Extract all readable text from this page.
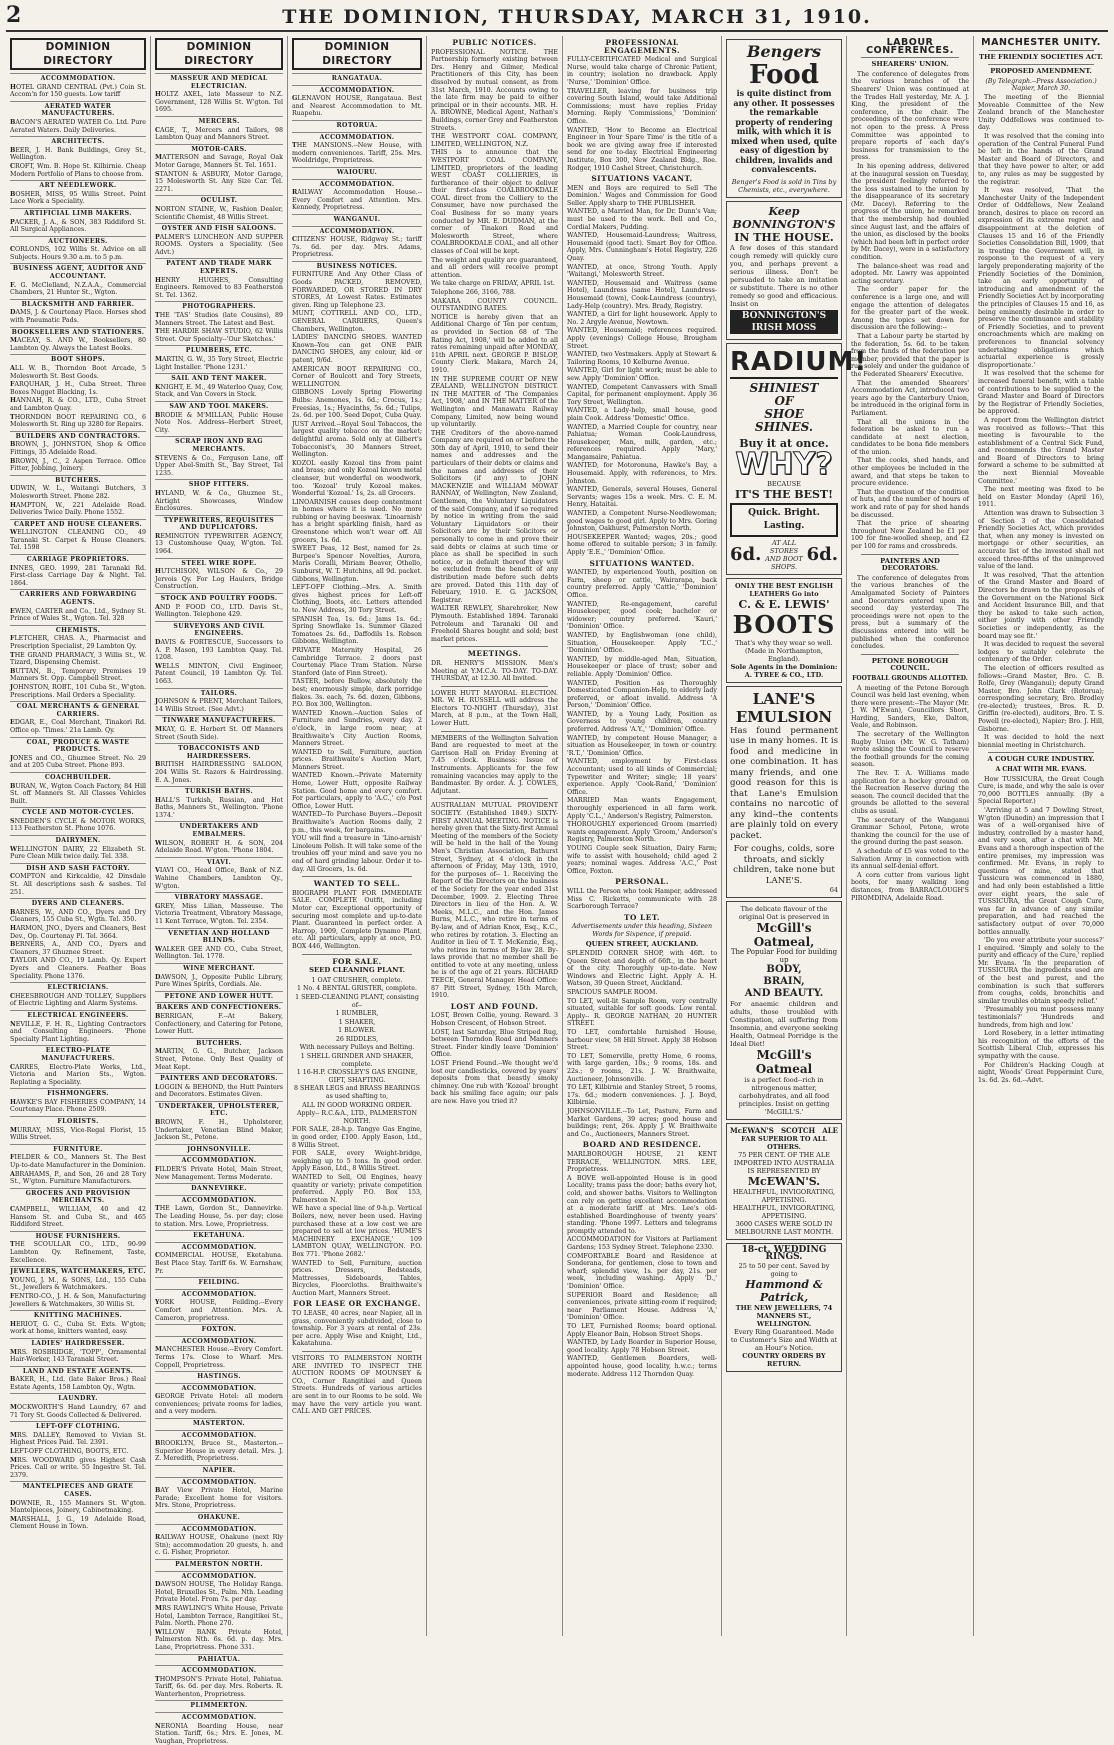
2	THE DOMINION, THURSDAY, MARCH 31, 1910.
DOMINION DIRECTORY
ACCOMMODATION.
HOTEL GRAND CENTRAL (Pvt.) Coin St. Accom'n for 150 guests. Low tariff
AERATED WATER MANUFACTURERS.
BACON'S AERATED WATER Co. Ltd. Pure Aerated Waters. Daily Deliveries.
ARCHITECTS.
BEER, J. H. Bank Buildings, Grey St., Wellington.
CROFT, Wm. B. Hope St. Kilbirnie. Cheap Modern Portfolio of Plans to choose from.
ART NEEDLEWORK.
BOSHER, MISS, 95 Willis Street. Point Lace Work a Speciality.
ARTIFICIAL LIMB MAKERS.
PACKER, J. A., & SON, 383 Riddiford St. All Surgical Appliances.
AUCTIONEERS.
CORLONDS, 102 Willis St. Advice on all Subjects. Hours 9.30 a.m. to 5 p.m.
BUSINESS AGENT, AUDITOR AND ACCOUNTANT.
F. G. McClelland, N.Z.A.A., Commercial Chambers, 21 Hunter St., Wgton.
BLACKSMITH AND FARRIER.
DAMS, J. & Courtenay Place. Horses shod with Pneumatic Pads.
BOOKSELLERS AND STATIONERS.
MACEAY, S. AND W., Booksellers, 80 Lambton Qy. Always the Latest Books.
BOOT SHOPS.
ALL W. B., Thorndon Boot Arcade, 5 Molesworth St. Best Goods.
FARQUHAR, J. H., Cuba Street. Three Boxes Nugget Blacking, 1s.
HANNAH, R. & CO., LTD., Cuba Street and Lambton Quay.
THORNDON BOOT REPAIRING CO., 6 Molesworth St. Ring up 3280 for Repairs.
BUILDERS AND CONTRACTORS.
BROWN, J., JOHNSTON, Shop & Office Fittings, 35 Adelaide Road.
BROWN, J., C., 2 Aspen Terrace. Office Fitter, Jobbing, Joinery.
BUTCHERS.
UDWIN, W. L., Waitangi Butchers, 3 Molesworth Street. Phone 282.
HAMPTON, W., 221 Adelaide Road. Deliveries Twice Daily. Phone 1552.
CARPET AND HOUSE CLEANERS.
WELLINGTON CLEANING CO., 49 Taranaki St. Carpet & House Cleaners. Tel. 1598
CARRIAGE PROPRIETORS.
INNES, GEO. 1999, 281 Taranaki Rd. First-class Carriage Day & Night. Tel. 1864.
CARRIERS AND FORWARDING AGENTS.
EWEN, CARTER and Co., Ltd., Sydney St. Prince of Wales St., Wgton. Tel. 328
CHEMISTS.
FLETCHER, CHAS. A., Pharmacist and Prescription Specialist, 29 Lambton Qy.
THE GRAND PHARMACY, 3 Willis St., W. Tizard, Dispensing Chemist.
BUTTAN, B., Temporary Premises 19 Manners St. Opp. Campbell Street.
JOHNSTON, ROBT., 101 Cuba St., W'gton. Prescriptions. Mail Orders a Speciality.
COAL MERCHANTS & GENERAL CARRIERS.
EDGAR, E., Coal Merchant, Tinakori Rd. Office op. 'Times.' 21a Lamb. Qy.
COAL, PRODUCE & WASTE PRODUCTS.
JONES and CO., Ghuznee Street. No. 29 and at 205 Cuba Street. Phone 893.
COACHBUILDER.
BURAN, W., Wgton Coach Factory, 84 Hill St. off Manners St. All Classes Vehicles Built.
CYCLE AND MOTOR-CYCLES.
SNEDDEN'S CYCLE & MOTOR WORKS, 113 Featherston St. Phone 1076.
DAIRYMEN.
WELLINGTON DAIRY, 22 Elizabeth St. Pure Clean Milk twice daily. Tel. 338.
DISH AND SASH FACTORY.
COMPTON and Kirkcaldie, 42 Dinsdale St. All descriptions sash & sashes. Tel 251.
DYERS AND CLEANERS.
BARNES, W., AND CO., Dyers and Dry Cleaners, 155 Cuba St., Wgtn. Tel. 350.
HARMON, JNO., Dyers and Cleaners, Best Dev., Op. Courtenay Pl. Tel. 3664.
BERNERS, A., AND CO., Dyers and Cleaners, 37 Ghuznee Street.
TAYLOR AND CO., 19 Lamb. Qy. Expert Dyers and Cleaners. Feather Boas Speciality. Phone 1376.
ELECTRICIANS.
CHEESBROUGH AND TOLLEY, Suppliers of Electric Lighting and Alarm Systems.
ELECTRICAL ENGINEERS.
NEVILLE, F. H. R., Lighting Contractors and Consulting Engineers. 'Phone Specialty Plant Lighting.
ELECTRO-PLATE MANUFACTURERS.
CARRES, Electro-Plate Works, Ltd., Victoria and Marion Sts., Wgton. Replating a Speciality.
FISHMONGERS.
HAWKE'S BAY FISHERIES COMPANY, 14 Courtenay Place. Phone 2509.
FLORISTS.
MURRAY, MISS, Vice-Regal Florist, 15 Willis Street.
FURNITURE.
FIELDER & CO., Manners St. The Best Up-to-date Manufacturer in the Dominion.
ABRAHAMS, P., and Son, 26 and 28 Tory St., W'gton. Furniture Manufacturers.
GROCERS AND PROVISION MERCHANTS.
CAMPBELL, WILLIAM, 40 and 42 Hansom St. and Cuba St., and 465 Riddiford Street.
HOUSE FURNISHERS.
THE SCOULLAR CO., LTD., 90-99 Lambton Qy. Refinement, Taste, Excellence.
JEWELLERS, WATCHMAKERS, ETC.
YOUNG, J. M., & SONS, Ltd., 155 Cuba St., Jewellers & Watchmakers.
FENTRO-CO., J. H. & Son, Manufacturing Jewellers & Watchmakers, 30 Willis St.
KNITTING MACHINES.
HERIOT, G. C., Cuba St. Exts. W'gton; work at home, knitters wanted, easy.
LADIES' HAIRDRESSER.
MRS. ROSBRIDGE, 'TOPP', Ornamental Hair-Worker, 143 Taranaki Street.
LAND AND ESTATE AGENTS.
BAKER, H., Ltd. (late Baker Bros.) Real Estate Agents, 158 Lambton Qy., Wgtn.
LAUNDRY.
MOCKWORTH'S Hand Laundry, 67 and 71 Tory St. Goods Collected & Delivered.
LEFT-OFF CLOTHING.
MRS. DALLEY, Removed to Vivian St. Highest Prices Paid. Tel. 2391.
LEFT-OFF CLOTHING, BOOTS, ETC.
MRS. WOODWARD gives Highest Cash Prices. Call or write. 55 Ingestre St. Tel. 2379.
MANTELPIECES AND GRATE CASES.
DOWNIE, R., 155 Manners St. W'gton. Mantelpieces, Joinery, Cabinetmaking.
MARSHALL, J. G., 19 Adelaide Road, Clement House in Town.
DOMINION DIRECTORY
MASSEUR AND MEDICAL ELECTRICIAN.
HOLTZ AXEL, late Masseur to N.Z. Government, 128 Willis St. W'gton. Tel 1695.
MERCERS.
CAGE, T., Mercers and Tailors, 98 Lambton Quay and Manners Street.
MOTOR-CARS.
MATTERSON and Savage, Royal Oak Motor Garage, Manners St. Tel. 1651.
STANTON & ASBURY, Motor Garage, 15 Molesworth St. Any Size Car. Tel. 2271.
OCULIST.
NORTON STAINE, W., Fashion Dealer, Scientific Chemist, 48 Willis Street.
OYSTER AND FISH SALOONS.
PALMER'S LUNCHEON AND SUPPER ROOMS. Oysters a Speciality. (See Advt.)
PATENT AND TRADE MARK EXPERTS.
HENRY HUGHES, Consulting Engineers. Removed to 83 Featherston St. Tel. 1362.
PHOTOGRAPHERS.
THE 'TAS' Studios (late Cousins), 89 Manners Street. The Latest and Best.
THE HARDIE SHAW STUDIO, 62 Willis Street. Our Specialty--'Our Sketches.'
PLUMBERS, ETC.
MARTIN, G. W., 35 Tory Street, Electric Light Installer. 'Phone 1231.'
SAIL AND TENT MAKER.
KNIGHT, E. M., 49 Waterloo Quay, Cow, Stack, and Van Covers in Stock.
SAW AND TOOL MAKERS.
BRODIE & M'MILLAN, Public House Note Nos. Address--Herbert Street, City.
SCRAP IRON AND RAG MERCHANTS.
STEVENS & Co., Ferguson Lane, off Upper Abel-Smith St., Bay Street, Tel 1235.
SHOP FITTERS.
HYLAND, W. & Co., Ghuznee St., Airtight Showcases, Window Enclosures.
TYPEWRITERS, REQUISITES AND DUPLICATORS.
REMINGTON TYPEWRITER AGENCY, 13 Customhouse Quay, W'gton. Tel. 1964.
STEEL WIRE ROPE.
HUTCHISON, WILSON & Co., 29 Jervois Qy. For Log Haulers, Bridge Construction.
STOCK AND POULTRY FOODS.
AND P. FOOD CO., LTD. Davis St., Wellington. Telephone 429.
SURVEYORS AND CIVIL ENGINEERS.
DAVIS & FORTESCUE, Successors to A. P. Mason, 193 Lambton Quay. Tel. 1208.
WELLS MINTON, Civil Engineer, Patent Council, 19 Lambton Qy. Tel. 1663.
TAILORS.
JOHNSON & PRENT, Merchant Tailors, 14 Willis Street. (See Advt.)
TINWARE MANUFACTURERS.
MKAY, G. E. Herbert St. Off Manners Street (South Side).
TOBACCONISTS AND HAIRDRESSERS.
BRITISH HAIRDRESSING SALOON, 204 Willis St. Razors & Hairdressing. E. A. Jones.
TURKISH BATHS.
HALL'S Turkish, Russian, and Hot Baths, Manners St., Wellington. 'Phone 1374.'
UNDERTAKERS AND EMBALMERS.
WILSON, ROBERT H. & SON, 204 Adelaide Road. W'gton. 'Phone 1804.
VIAVI.
VIAVI CO., Head Office, Bank of N.Z. Wahine Chambers, Lambton Qy., W'gton.
VIBRATORY MASSAGE.
GREY, Miss Lilian, Masseuse. The Victoria Treatment, Vibratory Massage, 11 Kent Terrace, W'gton. Tel. 2354.
VENETIAN AND HOLLAND BLINDS.
WALKER GEE AND CO., Cuba Street, Wellington. Tel. 1778.
WINE MERCHANT.
DAWSON, J., Opposite Public Library, Pure Wines Spirits, Cordials. Ale.
PETONE AND LOWER HUTT.
BAKERS AND CONFECTIONERS.
BERRIGAN, F.--At Bakery, Confectionery, and Catering for Petone, Lower Hutt.
BUTCHERS.
MARTIN, G. G., Butcher, Jackson Street, Petone. Only Best Quality of Meat Kept.
PAINTERS AND DECORATORS.
LOGGIN & BEHOND, the Hutt Painters and Decorators. Estimates Given.
UNDERTAKER, UPHOLSTERER, ETC.
BROWN, F. H., Upholsterer, Undertaker, Venetian Blind Maker, Jackson St., Petone.
JOHNSONVILLE.
ACCOMMODATION.
FILDER'S Private Hotel, Main Street, New Management. Terms Moderate.
DANNEVIRKE.
ACCOMMODATION.
THE Lawn, Gordon St., Dannevirke. The Leading House, 5s. per day; close to station. Mrs. Lowe, Proprietress.
EKETAHUNA.
ACCOMMODATION.
COMMERCIAL HOUSE, Eketahuna. Best Place Stay. Tariff 6s. W. Earnshaw, Pr.
FEILDING.
ACCOMMODATION.
YORK HOUSE, Feilding.--Every Comfort and Attention. Mrs. A. Cameron, proprietress.
FOXTON.
ACCOMMODATION.
MANCHESTER House.--Every Comfort. Terms 17s. Close to Wharf. Mrs. Coppell, Proprietress.
HASTINGS.
ACCOMMODATION.
GEORGE Private Hotel: all modern conveniences; private rooms for ladies, and a very modern.
MASTERTON.
ACCOMMODATION.
BROOKLYN, Bruce St., Masterton.--Superior House in every detail. Mrs. J. Z. Meredith, Proprietress.
NAPIER.
ACCOMMODATION.
BAY View Private Hotel, Marine Parade; Excellent home for visitors. Mrs. Stone, Proprietress.
OHAKUNE.
ACCOMMODATION.
RAILWAY HOUSE, Ohakune (next Rly Stn); accommodation 20 guests, h. and c. G. Fisher, Proprietor.
PALMERSTON NORTH.
ACCOMMODATION.
DAWSON HOUSE, The Holiday Ranga. Hotel, Bruxelles St., Palm. Nth. Leading Private Hotel. From 7s. per day.
MRS RAWLING'S White House, Private Hotel, Lambton Terrace, Rangitikei St., Palm. North. Phone 270.
WILLOW BANK Private Hotel, Palmerston Nth. 6s. 6d. p. day. Mrs. Lane, Proprietress. Phone 331.
PAHIATUA.
ACCOMMODATION.
THOMPSON'S Private Hotel, Pahiatua. Tariff, 6s. 6d. per day. Mrs. Roberts. R. Wanterhenton, Proprietress.
PLIMMERTON.
ACCOMMODATION.
NERONIA Boarding House, near Station. Tariff, 6s.; Mrs. E. Jones, M. Vaughan, Proprietress.
DOMINION DIRECTORY
RANGATAUA.
ACCOMMODATION.
GLENAVON HOUSE, Rangataua. Best and Nearest Accommodation to Mt. Ruapehu.
ROTORUA.
ACCOMMODATION.
THE MANSIONS.--New House, with modern conveniences. Tariff, 25s. Mrs. Wooldridge, Proprietress.
WAIOURU.
ACCOMMODATION.
RAILWAY Accommodation House.--Every Comfort and Attention. Mrs. Kennedy, Proprietress.
WANGANUI.
ACCOMMODATION.
CITIZENS' HOUSE, Ridgway St.; tariff 7s. 6d. per day. Mrs. Adams, Proprietress.
BUSINESS NOTICES.
FURNITURE And Any Other Class of Goods PACKED, REMOVED, FORWARDED, OR STORED IN DRY STORES, At Lowest Rates. Estimates given. Ring up Telephone 23.
MUNT, COTTRELL AND CO., LTD., GENERAL CARRIERS, Queen's Chambers, Wellington.
LADIES' DANCING SHOES. WANTED Known--You can get ONE PAIR DANCING SHOES, any colour, kid or patent, 9/6d.
AMERICAN BOOT REPAIRING CO., Corner of Boulcott and Tory Streets, WELLINGTON.
GIBBONS Lovely Spring Flowering Bulbs: Anemones, 1s. 6d.; Crocus, 1s.; Freesias, 1s.; Hyacinths, 5s. 6d.; Tulips, 2s. 6d. per 100. Seed Depot, Cuba Quay.
JUST Arrived.--Royal Soul Tobaccos, the largest quality tobacco on the market; delightful aroma. Sold only at Gilbert's Tobacconist's, 30 Manners Street, Wellington.
KOZOL easily Kozoal tins from paint and brass; and only Kozoal known metal cleanser, but wonderful on woodwork, too. 'Kozoal' truly Kozoal makes. Wonderful 'Kozoal.' 1s, 2s. all Grocers.
LINOARNISH causes deep contentment in homes where it is used. No more rubbing or having beeswax. 'Linoarnish' has a bright sparkling finish, hard as Greenstone which won't wear off. All grocers, 1s. 6d.
SWEET Peas, 12 Best, named for 2s. Burpee's Spencer Novelties, Aurora, Maris Coralli, Miriam Beaver, Othello, Sunburst, W. T. Hutchins, all 9d. packet. Gibbons, Wellington.
LEFT-OFF Clothing.--Mrs. A. Smith gives highest prices for Left-off Clothing, Boots, etc. Letters attended to. New Address, 30 Tory Street.
SPANISH Tea, 1s. 6d.; Jams 1s. 6d.; Spring Snowflake 1s. Summer Glazed Tomatoes 2s. 6d., Daffodils 1s. Robson Gibbons, Wellington.
PRIVATE Maternity Hospital, 26 Cambridge Terrace. 2 doors past Courtenay Place Tram Station. Nurse Stanford (late of Finn Street).
TASTER, before Bullow, absolutely the best; enormously simple, dark porridge flakes. 3s. each, 7s. 6d. dozen, Gibbons, P.O. Box 300, Wellington.
WANTED Known.--Auction Sales of Furniture and Sundries, every day. 2 o'clock, in large room near, at Braithwaite's City Auction Rooms, Manners Street.
WANTED to Sell, Furniture, auction prices. Braithwaite's Auction Mart, Manners Street.
WANTED Known.--Private Maternity Home, Lower Hutt, opposite Railway Station. Good home and every comfort. For particulars, apply to 'A.C.,' c/o Post Office, Lower Hutt.
WANTED--To Purchase Buyers.--Deposit Braithwaite's Auction Rooms daily, 2 p.m., this week, for bargains.
YOU will find a treasure in 'Lino-arnish' Linoleum Polish. It will take some of the troubles off your mind and save you no end of hard grinding labour. Order it to-day. All Grocers, 1s. 6d.
WANTED TO SELL.
BIOGRAPH PLANT FOR IMMEDIATE SALE. COMPLETE Outfit, including Motor car, Exceptional opportunity of securing most complete and up-to-date Plant. Guaranteed in perfect order. A Harrop, 1909, Complete Dynamo Plant, etc. All particulars, apply at once, P.O. BOX 446, Wellington.
FOR SALE.
SEED CLEANING PLANT.
1 OAT CRUSHER, complete.
1 No. 4 BENTAL GRISTER, complete.
1 SEED-CLEANING PLANT, consisting of--
1 RUMBLER,
1 SHAKER,
1 BLOWER.
26 RIDDLES,
With necessary Pulleys and Belting.
1 SHELL GRINDER AND SHAKER, complete.
1 16-H.P. CROSSLEY'S GAS ENGINE, GIFT, SHAFTING.
8 SHEAR LEGS and BRASS BEARINGS as used shafting to,
ALL IN GOOD WORKING ORDER.
Apply-- R.C.&A., LTD., PALMERSTON NORTH.
FOR SALE, 28-h.p. Tangye Gas Engine, in good order, £100. Apply Eason, Ltd., 8 Willis Street.
FOR SALE, every Weight-bridge, weighing up to 5 tons. In good order. Apply Eason, Ltd., 8 Willis Street.
WANTED to Sell, Oil Engines, heavy quantity or variety; private competition preferred. Apply P.O. Box 153, Palmerston N.
WE have a special line of 9-h.p. Vertical Boilers, new, never been used. Having purchased these at a low cost we are prepared to sell at low prices. 'HUME'S MACHINERY EXCHANGE,' 109 LAMBTON QUAY, WELLINGTON. P.O. Box 771. 'Phone 2682.'
WANTED to Sell, Furniture, auction prices. Dressers, Bedsteads, Mattresses, Sideboards, Tables, Bicycles, Floorcloths. Braithwaite's Auction Mart, Manners Street.
FOR LEASE OR EXCHANGE.
TO LEASE, 40 acres, near Napier, all in grass, conveniently subdivided, close to township. For 3 years at rental of 23s. per acre. Apply Wise and Knight, Ltd., Kakatahuna.
VISITORS TO PALMERSTON NORTH ARE INVITED TO INSPECT THE AUCTION ROOMS OF MOUNSEY & CO., Corner Rangitikei and Queen Streets. Hundreds of various articles are sent in to our Rooms to be sold. We may have the very article you want. CALL AND GET PRICES.
PUBLIC NOTICES.
PROFESSIONAL NOTICE. THE Partnership formerly existing between Drs. Henry and Gilmer, Medical Practitioners of this City, has been dissolved by mutual consent, as from 31st March, 1910. Accounts owing to the late firm may be paid to either principal or in their accounts. MR. H. A. BROWNE, Medical Agent, Nathan's Buildings, corner Grey and Featherston Streets.
THE WESTPORT COAL COMPANY, LIMITED, WELLINGTON, N.Z.
THIS is to announce that the WESTPORT COAL COMPANY, LIMITED, proprietors of the leading WEST COAST COLLIERIES, in furtherance of their object to deliver their first-class COALBROOKDALE COAL direct from the Colliery to the Consumer, have now purchased the Coal Business for so many years conducted by MR. E. DUDMAN, at the corner of Tinakori Road and Molesworth Street, where COALBROOKDALE COAL, and all other classes of Coal will be kept.
The weight and quality are guaranteed, and all orders will receive prompt attention.
We take charge on FRIDAY, APRIL 1st.
Telephone 266, 3166, 788.
MAKARA COUNTY COUNCIL. OUTSTANDING RATES.
NOTICE is hereby given that an Additional Charge of Ten per centum, as provided in Section 68 of 'The Rating Act, 1908,' will be added to all rates remaining unpaid after MONDAY, 11th APRIL next. GEORGE P. BISLOP, County Clerk. Makara, March 24, 1910.
IN THE SUPREME COURT OF NEW ZEALAND, WELLINGTON DISTRICT. IN THE MATTER of 'The Companies Act, 1908,' and IN THE MATTER of the Wellington and Manawatu Railway Company, Limited, now being wound up voluntarily.
THE Creditors of the above-named Company are required on or before the 30th day of April, 1910, to send their names and addresses and the particulars of their debts or claims and the names and addresses of their Solicitors (if any) to JOHN MACKENZIE and WILLIAM MOWAT RANNAY, of Wellington, New Zealand, Gentlemen, the Voluntary Liquidators of the said Company, and if so required by notice in writing from the said Voluntary Liquidators or their Solicitors are by their Solicitors or personally to come in and prove their said debts or claims at such time or place as shall be specified in such notice, or in default thereof they will be excluded from the benefit of any distribution made before such debts are proved. Dated this 11th day of February, 1910. E. G. JACKSON, Registrar.
WALTER REWLEY, Sharebroker, New Plymouth. Established 1894. Taranaki Petroleum and Taranaki Oil and Freehold Shares bought and sold; best market prices.
MEETINGS.
DR. HENRY'S MISSION. Men's Meeting at Y.M.C.A. TO-DAY. TO-DAY. THURSDAY, at 12.30. All Invited.
LOWER HUTT MAYORAL ELECTION. MR. W. H. RUSSELL will address the Electors TO-NIGHT (Thursday), 31st March, at 8 p.m., at the Town Hall, Lower Hutt.
MEMBERS of the Wellington Salvation Band are requested to meet at the Garrison Hall on Friday Evening at 7.45 o'clock. Business: Issue of Instruments. Applicants for the few remaining vacancies may apply to the Bandmaster. By order. A. J. COWLES, Adjutant.
AUSTRALIAN MUTUAL PROVIDENT SOCIETY. (Established 1849.) SIXTY-FIRST ANNUAL MEETING. NOTICE is hereby given that the Sixty-first Annual Meeting of the members of the Society will be held in the hall of the Young Men's Christian Association, Bathurst Street, Sydney, at 4 o'clock in the afternoon of Friday, May 13th, 1910, for the purposes of-- 1. Receiving the Report of the Directors on the business of the Society for the year ended 31st December, 1909. 2. Electing Three Directors in lieu of the Hon. A. W. Meeks, M.L.C., and the Hon. James Burns, M.L.C., who retire in terms of By-law, and of Adrian Knox, Esq., K.C., who retires by rotation. 3. Electing an Auditor in lieu of T. T. McKenzie, Esq., who retires in terms of By-law 28. By-laws provide that no member shall be entitled to vote at any meeting, unless he is of the age of 21 years. RICHARD TEECE, General Manager. Head Office: 87 Pitt Street, Sydney, 15th March, 1910.
LOST AND FOUND.
LOST, Brown Collie, young. Reward. 3 Hobson Crescent, of Hobson Street.
LOST, last Saturday, Blue Striped Rug, between Thorndon Road and Manners Street. Finder kindly leave 'Dominion' Office.
LOST Friend Found.--We thought we'd lost our candlesticks, covered by years' deposits from that beastly smoky chimney. One rub with 'Kozoal' brought back his smiling face again; our pals are new. Have you tried it?
PROFESSIONAL ENGAGEMENTS.
FULLY-CERTIFICATED Medical and Surgical Nurse, would take charge of Chronic Patient, in country; isolation no drawback. Apply 'Nurse,' 'Dominion' Office.
TRAVELLER, leaving for business trip covering South Island, would take Additional Commissions; must have replies Friday Morning. Reply 'Commissions,' 'Dominion' Office.
WANTED, 'How to Become an Electrical Engineer in Your Spare Time' is the title of a book we are giving away free if interested send for one to-day. Electrical Engineering Institute, Box 300, New Zealand Bldg., Roe. Rodger, 1910 Cashel Street, Christchurch.
SITUATIONS VACANT.
MEN and Boys are required to Sell 'The Dominion.' Wages and Commission for Good Seller. Apply sharp to THE PUBLISHER.
WANTED, a Married Man, for Dr. Dunn's Van; must be used to the work. Bell and Co., Cordial Makers, Pudding.
WANTED, Housemaid-Laundress; Waitress, Housemaid (good tact). Smart Boy for Office. Apply, Mrs. Cunningham's Hotel Registry, 226 Quay.
WANTED, at once, Strong Youth. Apply 'Waitangi,' Molesworth Street.
WANTED, Housemaid and Waitress (same Hotel), Laundress (same Hotel), Laundress-Housemaid (town), Cook-Laundress (country), Lady-Help (country). Mrs. Brady, Registry.
WANTED, a Girl for light housework. Apply to No. 2 Argyle Avenue, Newtown.
WANTED, Housemaid; references required. Apply (evenings) College House, Brougham Street.
WANTED, two Vestmakers. Apply at Stewart & Tailoring Rooms, 10 Kelburne Avenue.
WANTED, Girl for light work; must be able to sew. Apply 'Dominion' Office.
WANTED, Competent Canvassers with Small Capital, for permanent employment. Apply 36 Tory Street, Wellington.
WANTED, a Lady-help, small house, good plain Cook. Address 'Domestic' Office.
WANTED, a Married Couple for country, near Pahiatua; Woman Cook-Laundress, Housekeeper, Man, milk, garden, etc.; references required. Apply 'Mary,' Mangamaire, Pahiatua.
WANTED, for Motoronuna, Hawke's Bay, a Housemaid. Apply, with references, to Mrs. Johnston.
WANTED, Generals, several Houses, General Servants; wages 15s a week. Mrs. C. E. M. Henry, Hataitai.
WANTED, a Competent Nurse-Needlewoman; good wages to good girl. Apply to Mrs. Goring Johnston, Oakhurst, Palmerston North.
HOUSEKEEPER Wanted; wages, 20s.; good home offered to suitable person; 3 in family. Apply 'E.E.,' 'Dominion' Office.
SITUATIONS WANTED.
WANTED, by experienced Youth, position on Farm, sheep or cattle, Wairarapa, back country preferred. Apply 'Cattle,' 'Dominion' Office.
WANTED, Re-engagement, careful Housekeeper, good cook; bachelor or widower; country preferred. 'Kauri,' 'Dominion' Office.
WANTED, by Englishwoman (one child), Situation, Housekeeper. Apply 'T.C.,' 'Dominion' Office.
WANTED, by middle-aged Man, Situation, Housekeeper or place of trust; sober and reliable. Apply 'Dominion' Office.
WANTED, Position as Thoroughly Domesticated Companion-Help, to elderly lady preferred, or afloat invalid. Address 'A Person,' 'Dominion' Office.
WANTED, by a Young Lady, Position as Governess to young children, country preferred. Address 'A.Y.,' 'Dominion' Office.
WANTED, by competent House Manager, a situation as Housekeeper, in town or country. 'R.T.,' 'Dominion' Office.
WANTED, employment by First-class Accountant; used to all kinds of Commercial; Typewriter and Writer; single; 18 years' experience. Apply 'Cook-Rand,' 'Dominion' Office.
MARRIED Man wants Engagement, thoroughly experienced in all farm work. Apply 'C.L.,' Anderson's Registry, Palmerston.
THOROUGHLY experienced Groom (married) wants engagement. Apply 'Groom,' Anderson's Registry, Palmerston North.
YOUNG Couple seek Situation, Dairy Farm; wife to assist with household; child aged 2 years; nominal wages. Address 'A.C.,' Post Office, Foxton.
PERSONAL.
WILL the Person who took Hamper, addressed Miss C. Ricketts, communicate with 28 Scarborough Terrace?
TO LET.
Advertisements under this heading, Sixteen Words for Sixpence, if prepaid.
QUEEN STREET, AUCKLAND.
SPLENDID CORNER SHOP, with 46ft. to Queen Street and depth of 66ft., in the heart of the city. Thoroughly up-to-date. New Windows and Electric Light. Apply A. H. Watson, 39 Queen Street, Auckland.
SPACIOUS SAMPLE ROOM.
TO LET, well-lit Sample Room, very centrally situated, suitable for soft goods. Low rental. Apply-- R. GEORGE NATHAN, 20 HUNTER STREET.
TO LET, comfortable furnished House, harbour view, 58 Hill Street. Apply 38 Hobson Street.
TO LET, Somerville, pretty Home, 6 rooms, with large garden, 10s.; 9 rooms, 18s. and 22s.; 9 rooms, 21s. J. W. Braithwaite, Auctioneer, Johnsonville.
TO LET, Kilbirnie and Stanley Street, 5 rooms, 17s. 6d.; modern conveniences. J. J. Boyd, Kilbirnie.
JOHNSONVILLE.--To Let, Pasture, Farm and Market Gardens, 39 acres; good house and buildings; rent, 26s. Apply J. W. Braithwaite and Co., Auctioneers, Manners Street.
BOARD AND RESIDENCE.
MARLBOROUGH HOUSE, 21 KENT TERRACE, WELLINGTON. MRS. LEE, Proprietress.
A BOVE well-appointed House is in good Locality; trams pass the door; baths every hot, cold, and shower baths. Visitors to Wellington can rely on getting excellent accommodation at a moderate tariff at Mrs. Lee's old-established Boardinghouse of twenty years' standing. 'Phone 1997. Letters and telegrams promptly attended to.
ACCOMMODATION for Visitors at Parliament Gardens; 153 Sydney Street. Telephone 2330.
COMFORTABLE Board and Residence at Sonderana, for gentlemen, close to town and wharf; splendid view, 1s. per day, 21s. per week, including washing. Apply 'D.,' 'Dominion' Office.
SUPERIOR Board and Residence; all conveniences, private sitting-room if required; near Parliament House. Address 'A,' 'Dominion' Office.
TO LET, Furnished Rooms; board optional. Apply Eleanor Bain, Hobson Street Shops.
WANTED, by Lady Boarder in Superior House, good locality. Apply 78 Hobson Street.
WANTED, Gentlemen Boarders, well-appointed house, good locality, h.w.c.; terms moderate. Address 112 Thorndon Quay.
Bengers
Food
is quite distinct from any other. It possesses the remarkable property of rendering milk, with which it is mixed when used, quite easy of digestion by children, invalids and
convalescents.
Benger's Food is sold in Tins by Chemists, etc., everywhere.
Keep BONNINGTON'S
IN THE HOUSE.
A few doses of this standard cough remedy will quickly cure you, and perhaps prevent a serious illness. Don't be persuaded to take an imitation or substitute. There is no other remedy so good and efficacious. Insist on
BONNINGTON'S IRISH MOSS
RADIUM!
SHINIEST
OF
SHOE
SHINES.
Buy it at once.
WHY?
BECAUSE
IT'S THE BEST!
Quick. Bright. Lasting.
6d.
AT ALL STORES AND BOOT SHOPS.
6d.
ONLY THE BEST ENGLISH LEATHERS Go into
C. & E. LEWIS'
BOOTS
That's why they wear so well. (Made in Northampton, England).
Sole Agents in the Dominion: A. TYREE & CO., LTD.
LANE'S EMULSION
Has found permanent use in many homes. It is food and medicine in one combination. It has many friends, and one good reason for this is that Lane's Emulsion contains no narcotic of any kind--the contents are plainly told on every packet.
For coughs, colds, sore throats, and sickly children, take none but LANE'S.
64
The delicate flavour of the original Oat is preserved in
McGill's Oatmeal,
The Popular Food for building up
BODY,
BRAIN,
AND BEAUTY.
For anaemic children and adults, those troubled with Constipation, all suffering from Insomnia, and everyone seeking Health, Oatmeal Porridge is the Ideal Diet!
McGill's Oatmeal
is a perfect food--rich in nitrogenous matter, carbohydrates, and all food principles. Insist on getting 'McGILL'S.'
McEWAN'S SCOTCH ALE
FAR SUPERIOR TO ALL OTHERS.
75 PER CENT. OF THE ALE IMPORTED INTO AUSTRALIA IS REPRESENTED BY
McEWAN'S.
HEALTHFUL, INVIGORATING, APPETISING.
HEALTHFUL, INVIGORATING, APPETISING.
3600 CASES WERE SOLD IN MELBOURNE LAST MONTH.
18-ct. WEDDING RINGS.
25 to 50 per cent. Saved by going to
Hammond & Patrick,
THE NEW JEWELLERS, 74 MANNERS ST., WELLINGTON.
Every Ring Guaranteed. Made to Customer's Size and Width at an Hour's Notice.
COUNTRY ORDERS BY RETURN.
LABOUR CONFERENCES.
SHEARERS' UNION.
The conference of delegates from the various branches of the Shearers' Union was continued at the Trades Hall yesterday, Mr. A. J. King, the president of the conference, in the chair. The proceedings of the conference were not open to the press. A Press Committee was appointed to prepare reports of each day's business for transmission to the press.
In his opening address, delivered at the inaugural session on Tuesday, the president feelingly referred to the loss sustained to the union by the disappearance of its secretary (Mr. Dacey). Referring to the progress of the union, he remarked that the membership had doubled since August last, and the affairs of the union, as disclosed by the books (which had been left in perfect order by Mr. Dacey), were in a satisfactory condition.
The balance-sheet was read and adopted. Mr. Lawry was appointed acting secretary.
The order paper for the conference is a large one, and will engage the attention of delegates for the greater part of the week. Among the topics set down for discussion are the following:--
That a Labour party be started by the federation, 5s. 6d. to be taken from the funds of the federation per member, provided that the paper is run solely and under the guidance of the Federated Shearers' Executive.
That the amended Shearers' Accommodation Act, introduced two years ago by the Canterbury Union, be introduced in the original form in Parliament.
That all the unions in the federation be asked to run a candidate at next election, candidates to be bona fide members of the union.
That the cooks, shed hands, and other employees be included in the award, and that steps be taken to procure evidence.
That the question of the condition of huts, and the number of hours of work and rate of pay for shed hands be discussed.
That the price of shearing throughout New Zealand be £1 per 100 for fine-woolled sheep, and £2 per 100 for rams and crossbreds.
PAINTERS AND DECORATORS.
The conference of delegates from the various branches of the Amalgamated Society of Painters and Decorators entered upon its second day yesterday. The proceedings were not open to the press, but a summary of the discussions entered into will be published when the conference concludes.
PETONE BOROUGH COUNCIL.
FOOTBALL GROUNDS ALLOTTED.
A meeting of the Petone Borough Council was held last evening, when there were present:--The Mayor (Mr. J. W. M'Ewan), Councillors Short, Harding, Sanders, Eke, Dalton, Veale, and Robinson.
The secretary of the Wellington Rugby Union (Mr. W. G. Tatham) wrote asking the Council to reserve the football grounds for the coming season.
The Rev. T. A. Williams made application for a hockey ground on the Recreation Reserve during the season. The council decided that the grounds be allotted to the several clubs as usual.
The secretary of the Wanganui Grammar School, Petone, wrote thanking the council for the use of the ground during the past season.
A schedule of £5 was voted to the Salvation Army in connection with its annual self-denial effort.
A corn cutter from various light boots, for many walking long distances, from BARRACLOUGH'S PIROMDINA, Adelaide Road.
MANCHESTER UNITY.
THE FRIENDLY SOCIETIES ACT.
PROPOSED AMENDMENT.
(By Telegraph.--Press Association.) Napier, March 30.
The meeting of the Biennial Moveable Committee of the New Zealand branch of the Manchester Unity Oddfellows was continued to-day.
It was resolved that the coming into operation of the Central Funeral Fund be left in the hands of the Grand Master and Board of Directors, and that they have power to alter, or add to, any rules as may be suggested by the registrar.
It was resolved, 'That the Manchester Unity of the Independent Order of Oddfellows, New Zealand branch, desires to place on record an expression of its extreme regret and disappointment at the deletion of Clauses 15 and 16 of the Friendly Societies Consolidation Bill, 1909, that in treating the Government will, in response to the request of a very largely preponderating majority of the Friendly Societies of the Dominion, take an early opportunity of introducing and amendment of the Friendly Societies Act by incorporating the principles of Clauses 15 and 16, as being eminently desirable in order to preserve the continuance and stability of Friendly Societies, and to prevent encroachments which are making on preferences to financial solvency undertaking obligations which actuarial experience is grossly disproportionate.'
It was resolved that the scheme for increased funeral benefit, with a table of contributions to be supplied to the Grand Master and Board of Directors by the Registrar of Friendly Societies, be approved.
A report from the Wellington district was received as follows:--'That this meeting is favourable to the establishment of a Central Sick Fund, and recommends the Grand Master and Board of Directors to bring forward a scheme to be submitted at the next Biennial Moveable Committee.'
The next meeting was fixed to be held on Easter Monday (April 16), 1911.
Attention was drawn to Subsection 3 of Section 3 of the Consolidated Friendly Societies Act, which provides that, when any money is invested on mortgage or other securities, an accurate list of the invested shall not exceed three-fifths of the unimproved value of the land.
It was resolved, 'That the attention of the Grand Master and Board of Directors be drawn to the proposals of the Government on the National Sick and Accident Insurance Bill, and that they be asked to take such action, either jointly with other Friendly Societies or independently, as the board may see fit.'
It was decided to request the several lodges to suitably celebrate the centenary of the Order.
The election of officers resulted as follows:--Grand Master, Bro. C. B. Rolfe, Grey (Wanganui); deputy Grand Master, Bro. John Clark (Rotorua); corresponding secretary, Bro. Brodley (re-elected); trustees, Bros. R. D. Griffin (re-elected), auditors, Bro. T. S. Powell (re-elected), Napier; Bro. J. Hill, Gisborne.
It was decided to hold the next biennial meeting in Christchurch.
A COUGH CURE INDUSTRY.
A CHAT WITH MR. EVANS.
How TUSSICURA, the Great Cough Cure, is made, and why the sale is over 70,000 BOTTLES annually. (By a Special Reporter.)
'Arriving at 5 and 7 Dowling Street, W'gton (Dunedin) an impression that I was of a well-organised hive of industry, controlled by a master hand, and very soon, after a chat with Mr. Evans and a thorough inspection of the entire premises, my impression was confirmed. Mr. Evans, in reply to questions of mine, stated that Tussicura was commenced in 1880, and had only been established a little over eight years, the sale of TUSSICURA, the Great Cough Cure, was far in advance of any similar preparation, and had reached the satisfactory output of over 70,000 bottles annually.
'Do you ever attribute your success?' I enquired. 'Simply and solely to the purity and efficacy of the Cure,' replied Mr. Evans. 'In the preparation of TUSSICURA the ingredients used are of the best and purest, and the combination is such that sufferers from coughs, colds, bronchitis and similar troubles obtain speedy relief.'
'Presumably you must possess many testimonials?' 'Hundreds and hundreds, from high and low.'
Lord Rosebery, in a letter intimating his recognition of the efforts of the Scottish Liberal Club, expresses his sympathy with the cause.
For Children's Hacking Cough at night, Woods' Great Peppermint Cure, 1s. 6d. 2s. 6d.--Advt.
